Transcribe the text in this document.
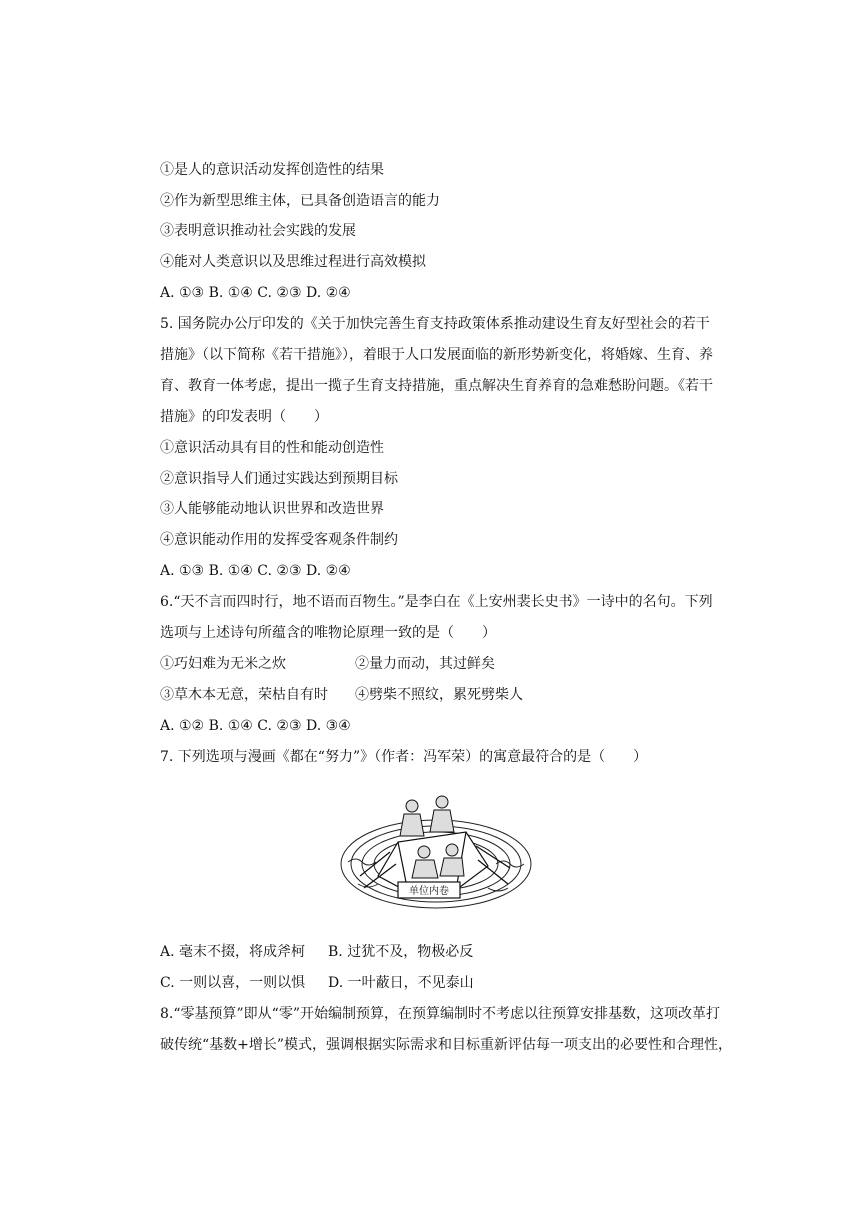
①是人的意识活动发挥创造性的结果
②作为新型思维主体，已具备创造语言的能力
③表明意识推动社会实践的发展
④能对人类意识以及思维过程进行高效模拟
A. ①③ B. ①④ C. ②③ D. ②④
5. 国务院办公厅印发的《关于加快完善生育支持政策体系推动建设生育友好型社会的若干
措施》（以下简称《若干措施》），着眼于人口发展面临的新形势新变化，将婚嫁、生育、养
育、教育一体考虑，提出一揽子生育支持措施，重点解决生育养育的急难愁盼问题。《若干
措施》的印发表明（　　）
①意识活动具有目的性和能动创造性
②意识指导人们通过实践达到预期目标
③人能够能动地认识世界和改造世界
④意识能动作用的发挥受客观条件制约
A. ①③ B. ①④ C. ②③ D. ②④
6.“天不言而四时行，地不语而百物生。”是李白在《上安州裴长史书》一诗中的名句。下列
选项与上述诗句所蕴含的唯物论原理一致的是（　　）
①巧妇难为无米之炊	②量力而动，其过鲜矣
③草木本无意，荣枯自有时 ④劈柴不照纹，累死劈柴人
A. ①② B. ①④ C. ②③ D. ③④
7. 下列选项与漫画《都在“努力”》（作者：冯军荣）的寓意最符合的是（　　）
单位内卷
A. 毫末不掇，将成斧柯 B. 过犹不及，物极必反
C. 一则以喜，一则以惧 D. 一叶蔽日，不见泰山
8.“零基预算”即从“零”开始编制预算，在预算编制时不考虑以往预算安排基数，这项改革打
破传统“基数+增长”模式，强调根据实际需求和目标重新评估每一项支出的必要性和合理性，
